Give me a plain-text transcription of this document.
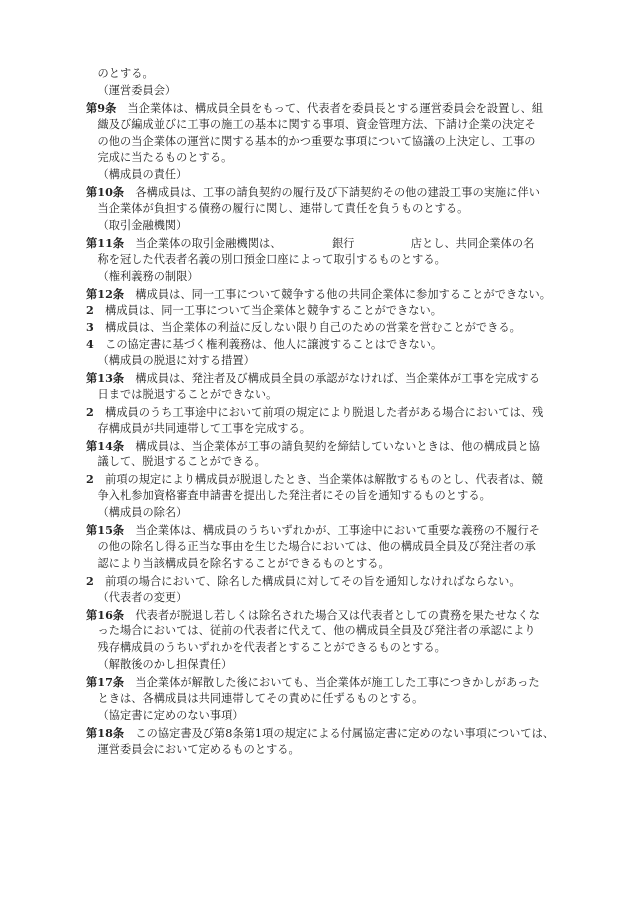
のとする。
（運営委員会）
第9条　当企業体は、構成員全員をもって、代表者を委員長とする運営委員会を設置し、組
織及び編成並びに工事の施工の基本に関する事項、資金管理方法、下請け企業の決定そ
の他の当企業体の運営に関する基本的かつ重要な事項について協議の上決定し、工事の
完成に当たるものとする。
（構成員の責任）
第10条　各構成員は、工事の請負契約の履行及び下請契約その他の建設工事の実施に伴い
当企業体が負担する債務の履行に関し、連帯して責任を負うものとする。
（取引金融機関）
第11条　当企業体の取引金融機関は、　　　　　銀行　　　　　店とし、共同企業体の名
称を冠した代表者名義の別口預金口座によって取引するものとする。
（権利義務の制限）
第12条　構成員は、同一工事について競争する他の共同企業体に参加することができない。
2　構成員は、同一工事について当企業体と競争することができない。
3　構成員は、当企業体の利益に反しない限り自己のための営業を営むことができる。
4　この協定書に基づく権利義務は、他人に譲渡することはできない。
（構成員の脱退に対する措置）
第13条　構成員は、発注者及び構成員全員の承認がなければ、当企業体が工事を完成する
日までは脱退することができない。
2　構成員のうち工事途中において前項の規定により脱退した者がある場合においては、残
存構成員が共同連帯して工事を完成する。
第14条　構成員は、当企業体が工事の請負契約を締結していないときは、他の構成員と協
議して、脱退することができる。
2　前項の規定により構成員が脱退したとき、当企業体は解散するものとし、代表者は、競
争入札参加資格審査申請書を提出した発注者にその旨を通知するものとする。
（構成員の除名）
第15条　当企業体は、構成員のうちいずれかが、工事途中において重要な義務の不履行そ
の他の除名し得る正当な事由を生じた場合においては、他の構成員全員及び発注者の承
認により当該構成員を除名することができるものとする。
2　前項の場合において、除名した構成員に対してその旨を通知しなければならない。
（代表者の変更）
第16条　代表者が脱退し若しくは除名された場合又は代表者としての責務を果たせなくな
った場合においては、従前の代表者に代えて、他の構成員全員及び発注者の承認により
残存構成員のうちいずれかを代表者とすることができるものとする。
（解散後のかし担保責任）
第17条　当企業体が解散した後においても、当企業体が施工した工事につきかしがあった
ときは、各構成員は共同連帯してその責めに任ずるものとする。
（協定書に定めのない事項）
第18条　この協定書及び第8条第1項の規定による付属協定書に定めのない事項については、
運営委員会において定めるものとする。
